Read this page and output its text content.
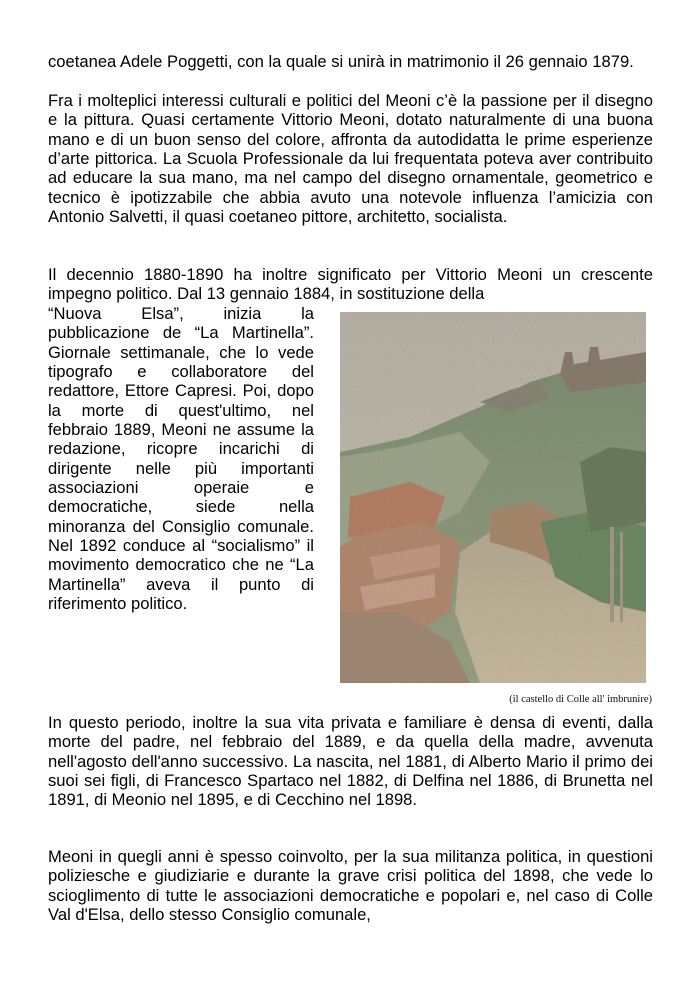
coetanea Adele Poggetti, con la quale si unirà in matrimonio il 26 gennaio 1879.

Fra i molteplici interessi culturali e politici del Meoni c’è la passione per il disegno e la pittura. Quasi certamente Vittorio Meoni, dotato naturalmente di una buona mano e di un buon senso del colore, affronta da autodidatta le prime esperienze d’arte pittorica. La Scuola Professionale da lui frequentata poteva aver contribuito ad educare la sua mano, ma nel campo del disegno ornamentale, geometrico e tecnico è ipotizzabile che abbia avuto una notevole influenza l’amicizia con Antonio Salvetti, il quasi coetaneo pittore, architetto, socialista.

Il decennio 1880-1890 ha inoltre significato per Vittorio Meoni un crescente impegno politico. Dal 13 gennaio 1884, in sostituzione della

“Nuova Elsa”, inizia la pubblicazione de “La Martinella”. Giornale settimanale, che lo vede tipografo e collaboratore del redattore, Ettore Capresi. Poi, dopo la morte di quest'ultimo, nel febbraio 1889, Meoni ne assume la redazione, ricopre incarichi di dirigente nelle più importanti associazioni operaie e democratiche, siede nella minoranza del Consiglio comunale. Nel 1892 conduce al “socialismo” il movimento democratico che ne “La Martinella” aveva il punto di riferimento politico.

(il castello di Colle all' imbrunire)

In questo periodo, inoltre la sua vita privata e familiare è densa di eventi, dalla morte del padre, nel febbraio del 1889, e da quella della madre, avvenuta nell'agosto dell'anno successivo. La nascita, nel 1881, di Alberto Mario il primo dei suoi sei figli, di Francesco Spartaco nel 1882, di Delfina nel 1886, di Brunetta nel 1891, di Meonio nel 1895, e di Cecchino nel 1898.

Meoni in quegli anni è spesso coinvolto, per la sua militanza politica, in questioni poliziesche e giudiziarie e durante la grave crisi politica del 1898, che vede lo scioglimento di tutte le associazioni democratiche e popolari e, nel caso di Colle Val d'Elsa, dello stesso Consiglio comunale,
